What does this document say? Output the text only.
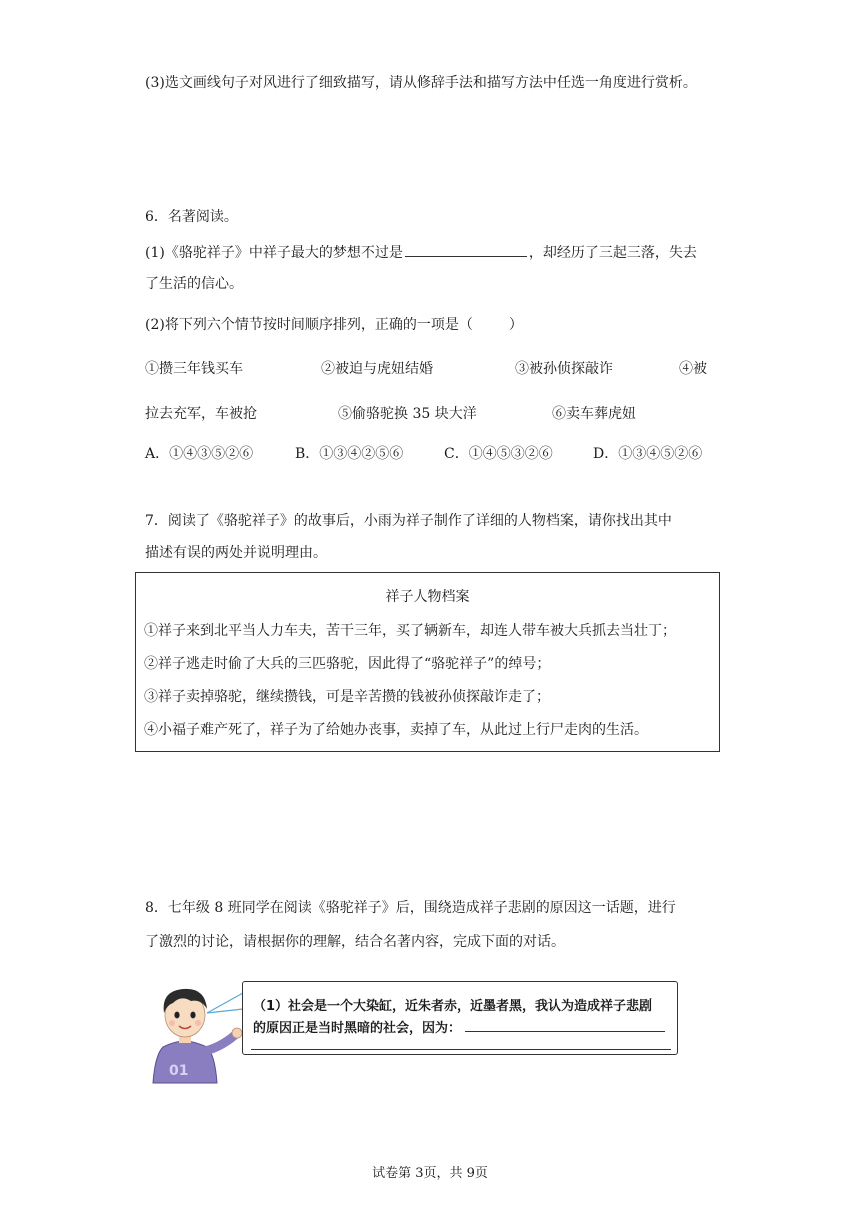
(3)选文画线句子对风进行了细致描写，请从修辞手法和描写方法中任选一角度进行赏析。
6．名著阅读。
(1)《骆驼祥子》中祥子最大的梦想不过是	，却经历了三起三落，失去
了生活的信心。
(2)将下列六个情节按时间顺序排列，正确的一项是（	）
①攒三年钱买车	②被迫与虎妞结婚	③被孙侦探敲诈	④被
拉去充军，车被抢	⑤偷骆驼换 35 块大洋	⑥卖车葬虎妞
A．①④③⑤②⑥	B．①③④②⑤⑥	C．①④⑤③②⑥	D．①③④⑤②⑥
7．阅读了《骆驼祥子》的故事后，小雨为祥子制作了详细的人物档案，请你找出其中
描述有误的两处并说明理由。
祥子人物档案
①祥子来到北平当人力车夫，苦干三年，买了辆新车，却连人带车被大兵抓去当壮丁；
②祥子逃走时偷了大兵的三匹骆驼，因此得了“骆驼祥子”的绰号；
③祥子卖掉骆驼，继续攒钱，可是辛苦攒的钱被孙侦探敲诈走了；
④小福子难产死了，祥子为了给她办丧事，卖掉了车，从此过上行尸走肉的生活。
8．七年级 8 班同学在阅读《骆驼祥子》后，围绕造成祥子悲剧的原因这一话题，进行
了激烈的讨论，请根据你的理解，结合名著内容，完成下面的对话。
01
（1）社会是一个大染缸，近朱者赤，近墨者黑，我认为造成祥子悲剧
的原因正是当时黑暗的社会，因为：
试卷第 3页，共 9页
